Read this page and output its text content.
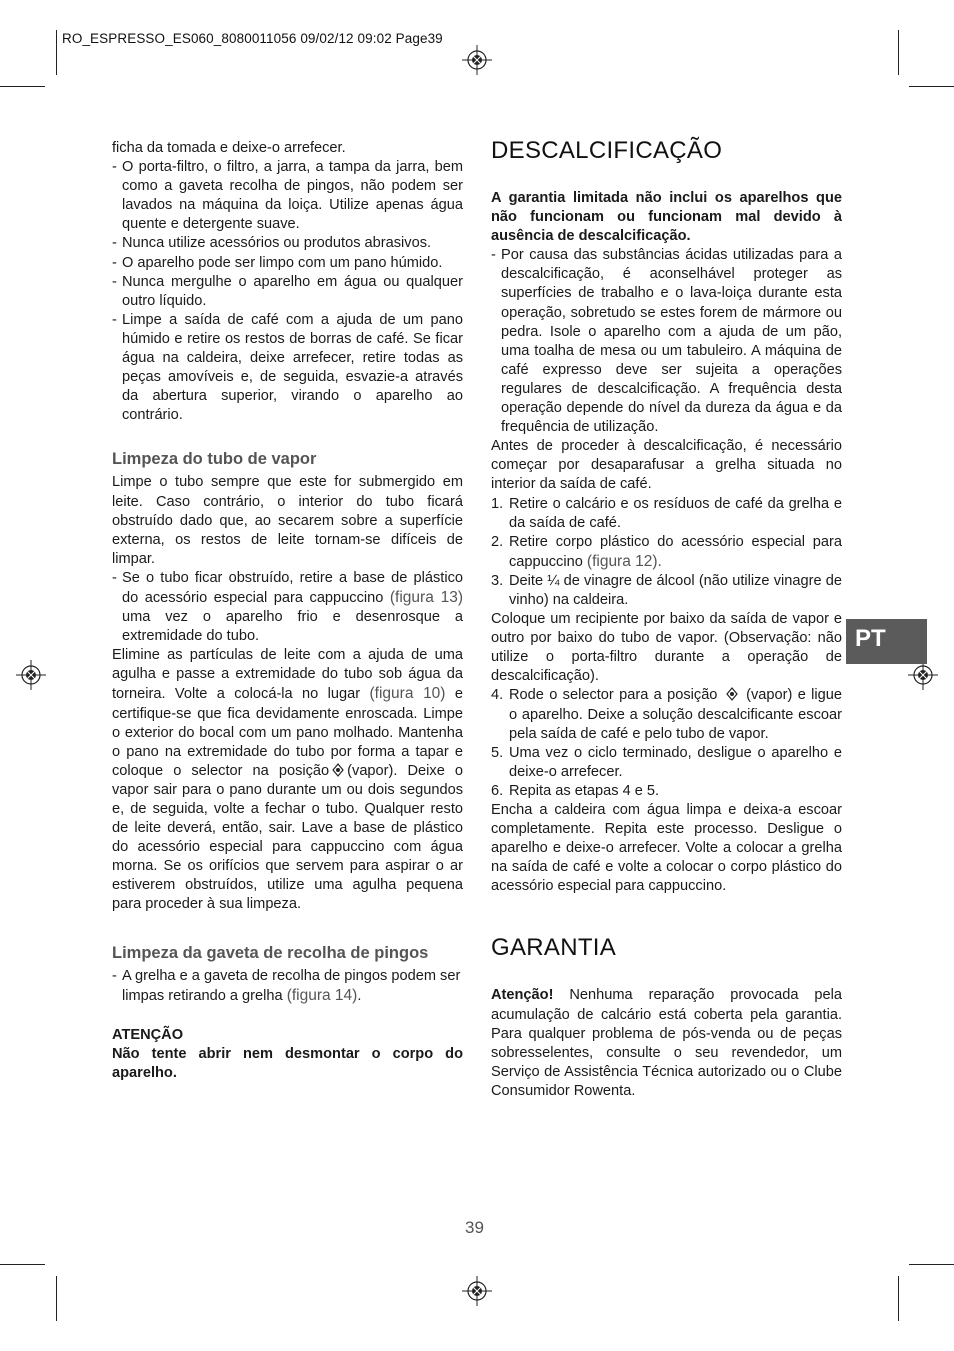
RO_ESPRESSO_ES060_8080011056 09/02/12 09:02 Page39

ficha da tomada e deixe-o arrefecer.

- O porta-filtro, o filtro, a jarra, a tampa da jarra, bem como a gaveta recolha de pingos, não podem ser lavados na máquina da loiça. Utilize apenas água quente e detergente suave.
- Nunca utilize acessórios ou produtos abrasivos.
- O aparelho pode ser limpo com um pano húmido.
- Nunca mergulhe o aparelho em água ou qualquer outro líquido.
- Limpe a saída de café com a ajuda de um pano húmido e retire os restos de borras de café. Se ficar água na caldeira, deixe arrefecer, retire todas as peças amovíveis e, de seguida, esvazie-a através da abertura superior, virando o aparelho ao contrário.

Limpeza do tubo de vapor

Limpe o tubo sempre que este for submergido em leite. Caso contrário, o interior do tubo ficará obstruído dado que, ao secarem sobre a superfície externa, os restos de leite tornam-se difíceis de limpar.

- Se o tubo ficar obstruído, retire a base de plástico do acessório especial para cappuccino (figura 13) uma vez o aparelho frio e desenrosque a extremidade do tubo.

Elimine as partículas de leite com a ajuda de uma agulha e passe a extremidade do tubo sob água da torneira. Volte a colocá-la no lugar (figura 10) e certifique-se que fica devidamente enroscada. Limpe o exterior do bocal com um pano molhado. Mantenha o pano na extremidade do tubo por forma a tapar e coloque o selector na posição (vapor). Deixe o vapor sair para o pano durante um ou dois segundos e, de seguida, volte a fechar o tubo. Qualquer resto de leite deverá, então, sair. Lave a base de plástico do acessório especial para cappuccino com água morna. Se os orifícios que servem para aspirar o ar estiverem obstruídos, utilize uma agulha pequena para proceder à sua limpeza.

Limpeza da gaveta de recolha de pingos

- A grelha e a gaveta de recolha de pingos podem ser limpas retirando a grelha (figura 14).

ATENÇÃO

Não tente abrir nem desmontar o corpo do aparelho.

DESCALCIFICAÇÃO

A garantia limitada não inclui os aparelhos que não funcionam ou funcionam mal devido à ausência de descalcificação.

- Por causa das substâncias ácidas utilizadas para a descalcificação, é aconselhável proteger as superfícies de trabalho e o lava-loiça durante esta operação, sobretudo se estes forem de mármore ou pedra. Isole o aparelho com a ajuda de um pão, uma toalha de mesa ou um tabuleiro. A máquina de café expresso deve ser sujeita a operações regulares de descalcificação. A frequência desta operação depende do nível da dureza da água e da frequência de utilização.

Antes de proceder à descalcificação, é necessário começar por desaparafusar a grelha situada no interior da saída de café.

1. Retire o calcário e os resíduos de café da grelha e da saída de café.
2. Retire corpo plástico do acessório especial para cappuccino (figura 12).
3. Deite ¼ de vinagre de álcool (não utilize vinagre de vinho) na caldeira.

Coloque um recipiente por baixo da saída de vapor e outro por baixo do tubo de vapor. (Observação: não utilize o porta-filtro durante a operação de descalcificação).

4. Rode o selector para a posição (vapor) e ligue o aparelho. Deixe a solução descalcificante escoar pela saída de café e pelo tubo de vapor.
5. Uma vez o ciclo terminado, desligue o aparelho e deixe-o arrefecer.
6. Repita as etapas 4 e 5.

Encha a caldeira com água limpa e deixa-a escoar completamente. Repita este processo. Desligue o aparelho e deixe-o arrefecer. Volte a colocar a grelha na saída de café e volte a colocar o corpo plástico do acessório especial para cappuccino.

GARANTIA

Atenção! Nenhuma reparação provocada pela acumulação de calcário está coberta pela garantia. Para qualquer problema de pós-venda ou de peças sobresselentes, consulte o seu revendedor, um Serviço de Assistência Técnica autorizado ou o Clube Consumidor Rowenta.

PT
39
